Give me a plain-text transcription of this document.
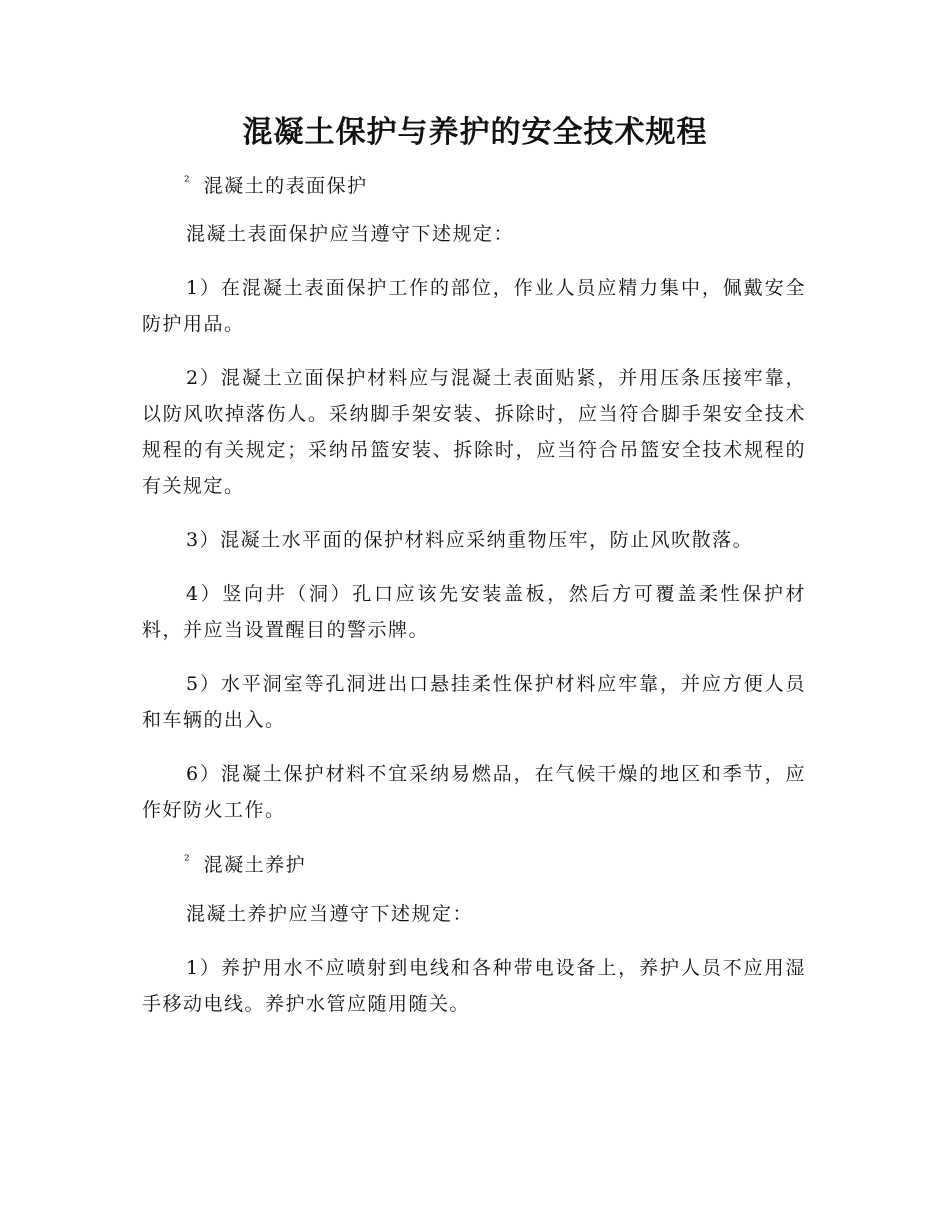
混凝土保护与养护的安全技术规程
$^{^2}$ 混凝土的表面保护
混凝土表面保护应当遵守下述规定：
1）在混凝土表面保护工作的部位，作业人员应精力集中，佩戴安全防护用品。
2）混凝土立面保护材料应与混凝土表面贴紧，并用压条压接牢靠，以防风吹掉落伤人。采纳脚手架安装、拆除时，应当符合脚手架安全技术规程的有关规定；采纳吊篮安装、拆除时，应当符合吊篮安全技术规程的有关规定。
3）混凝土水平面的保护材料应采纳重物压牢，防止风吹散落。
4）竖向井（洞）孔口应该先安装盖板，然后方可覆盖柔性保护材料，并应当设置醒目的警示牌。
5）水平洞室等孔洞进出口悬挂柔性保护材料应牢靠，并应方便人员和车辆的出入。
6）混凝土保护材料不宜采纳易燃品，在气候干燥的地区和季节，应作好防火工作。
$^{^2}$ 混凝土养护
混凝土养护应当遵守下述规定：
1）养护用水不应喷射到电线和各种带电设备上，养护人员不应用湿手移动电线。养护水管应随用随关。
